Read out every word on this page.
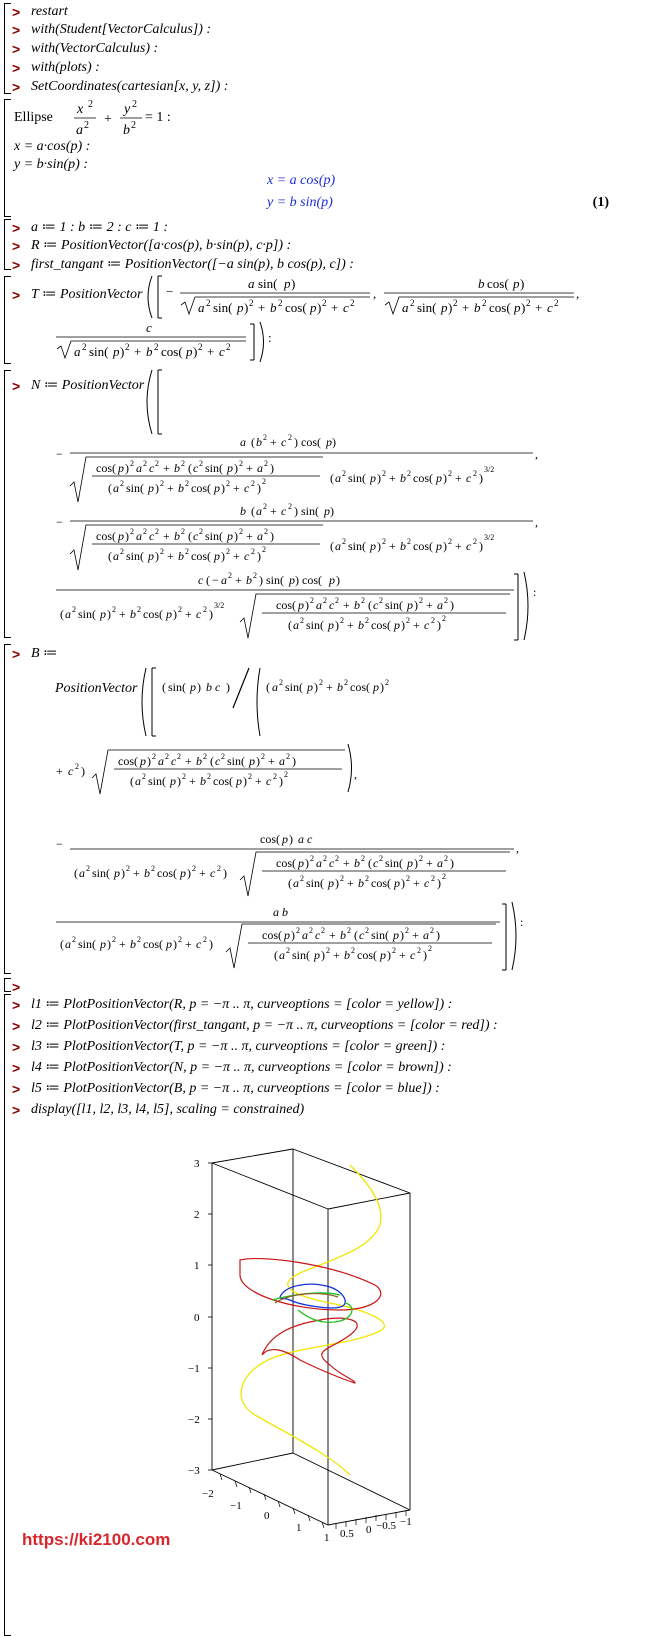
> restart
> with(Student[VectorCalculus]) :
> with(VectorCalculus) :
> with(plots) :
> SetCoordinates(cartesian[x, y, z]) :
Ellipse
x 2
a 2 +
y 2
b 2
= 1 :
x = a·cos(p) :
y = b·sin(p) :
x = a cos(p)
y = b sin(p)	(1)
> a ≔ 1 : b ≔ 2 : c ≔ 1 :
> R ≔ PositionVector([a·cos(p), b·sin(p), c·p]) :
> first_tangant ≔ PositionVector([−a sin(p), b cos(p), c]) :
> T ≔ PositionVector −
a sin( p )
a 2 sin( p ) 2 + b 2 cos( p ) 2 + c 2
,
b cos( p )
a 2 sin( p ) 2 + b 2 cos( p ) 2 + c 2
,
c
a 2 sin( p ) 2 + b 2 cos( p ) 2 + c 2
:
> N ≔ PositionVector
−
a ( b 2 + c 2 ) cos( p )
cos( p ) 2 a 2 c 2 + b 2 ( c 2 sin( p ) 2 + a 2 )
( a 2 sin( p ) 2 + b 2 cos( p ) 2 + c 2 ) 2	( a 2 sin( p ) 2 + b 2 cos( p ) 2 + c 2 )
3/2
,
−
b ( a 2 + c 2 ) sin( p )
cos( p ) 2 a 2 c 2 + b 2 ( c 2 sin( p ) 2 + a 2 )
( a 2 sin( p ) 2 + b 2 cos( p ) 2 + c 2 ) 2	( a 2 sin( p ) 2 + b 2 cos( p ) 2 + c 2 )
3/2
,
c ( − a 2 + b 2 ) sin( p ) cos( p )
( a 2 sin( p ) 2 + b 2 cos( p ) 2 + c 2 )
3/2	cos( p ) 2 a 2 c 2 + b 2 ( c 2 sin( p ) 2 + a 2 )
( a 2 sin( p ) 2 + b 2 cos( p ) 2 + c 2 ) 2
:
> B ≔
PositionVector ( sin( p ) b c )	( a 2 sin( p ) 2 + b 2 cos( p ) 2
+ c 2 )
cos( p ) 2 a 2 c 2 + b 2 ( c 2 sin( p ) 2 + a 2 )
( a 2 sin( p ) 2 + b 2 cos( p ) 2 + c 2 ) 2	,
−	cos( p ) a c
( a 2 sin( p ) 2 + b 2 cos( p ) 2 + c 2 )
cos( p ) 2 a 2 c 2 + b 2 ( c 2 sin( p ) 2 + a 2 )
( a 2 sin( p ) 2 + b 2 cos( p ) 2 + c 2 ) 2
,
a b
( a 2 sin( p ) 2 + b 2 cos( p ) 2 + c 2 )
cos( p ) 2 a 2 c 2 + b 2 ( c 2 sin( p ) 2 + a 2 )
( a 2 sin( p ) 2 + b 2 cos( p ) 2 + c 2 ) 2
:
>
> l1 ≔ PlotPositionVector(R, p = −π .. π, curveoptions = [color = yellow]) :
> l2 ≔ PlotPositionVector(first_tangant, p = −π .. π, curveoptions = [color = red]) :
> l3 ≔ PlotPositionVector(T, p = −π .. π, curveoptions = [color = green]) :
> l4 ≔ PlotPositionVector(N, p = −π .. π, curveoptions = [color = brown]) :
> l5 ≔ PlotPositionVector(B, p = −π .. π, curveoptions = [color = blue]) :
> display([l1, l2, l3, l4, l5], scaling = constrained)
3
2
1
0
−1
−2
−3
−2
−1
0
1
1 0.5 0 −0.5 −1
https://ki2100.com
